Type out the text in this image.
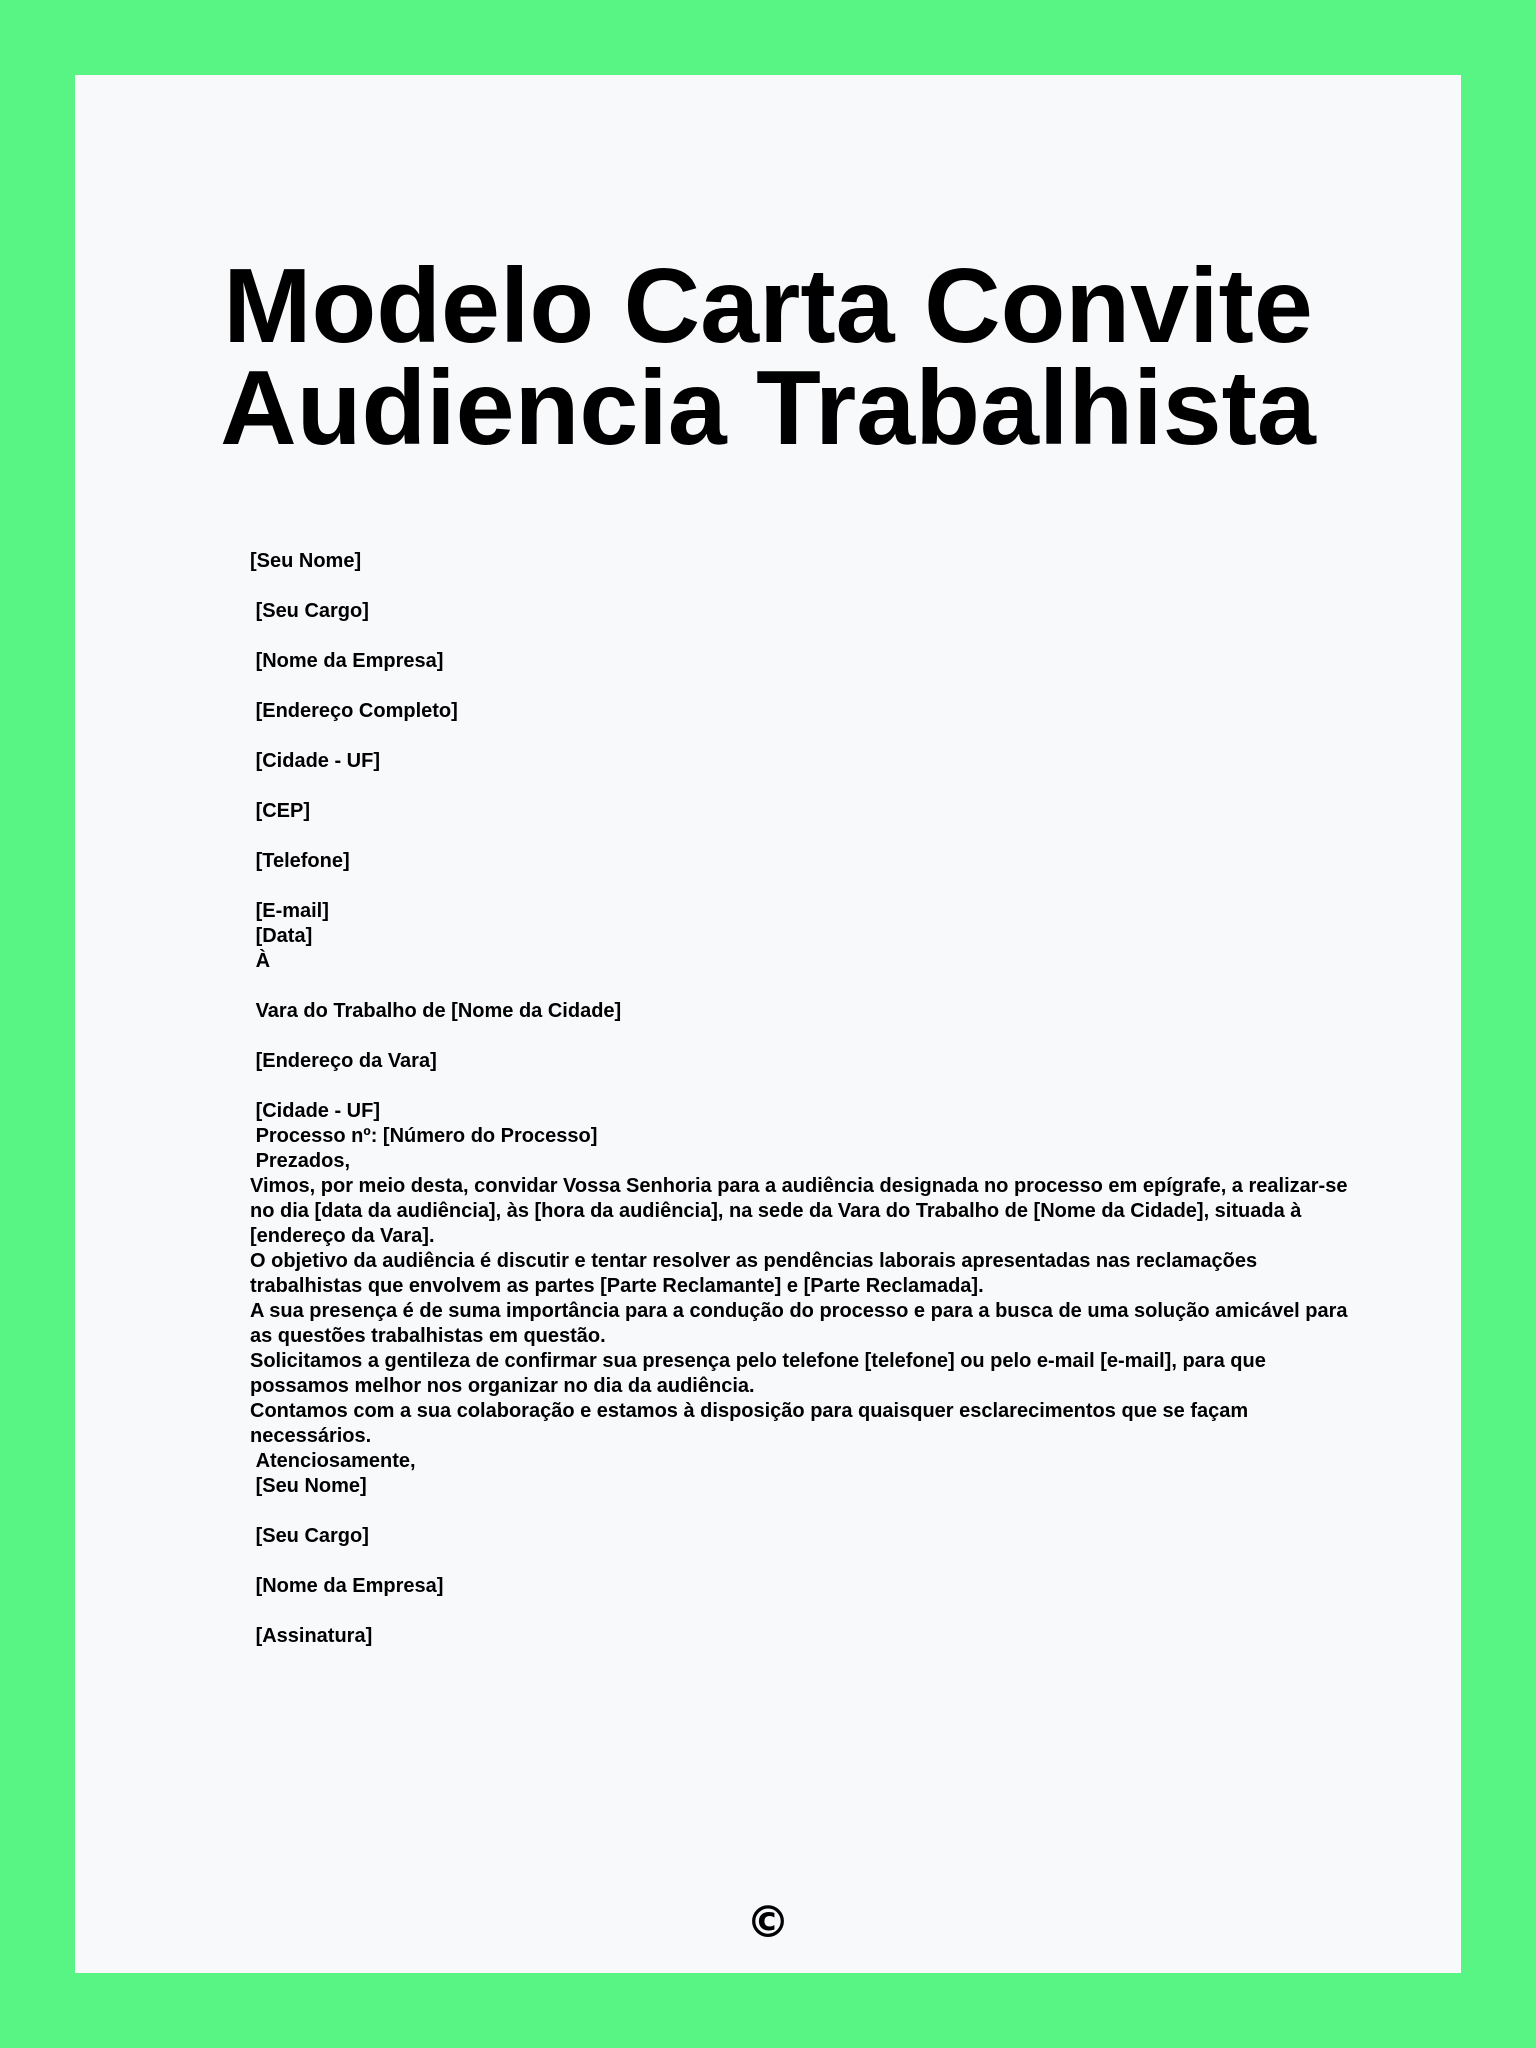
Modelo Carta Convite
Audiencia Trabalhista
[Seu Nome]
[Seu Cargo]
[Nome da Empresa]
[Endereço Completo]
[Cidade - UF]
[CEP]
[Telefone]
[E-mail]
[Data]
À
Vara do Trabalho de [Nome da Cidade]
[Endereço da Vara]
[Cidade - UF]
Processo nº: [Número do Processo]
Prezados,
Vimos, por meio desta, convidar Vossa Senhoria para a audiência designada no processo em epígrafe, a realizar-se no dia [data da audiência], às [hora da audiência], na sede da Vara do Trabalho de [Nome da Cidade], situada à [endereço da Vara].
O objetivo da audiência é discutir e tentar resolver as pendências laborais apresentadas nas reclamações trabalhistas que envolvem as partes [Parte Reclamante] e [Parte Reclamada].
A sua presença é de suma importância para a condução do processo e para a busca de uma solução amicável para as questões trabalhistas em questão.
Solicitamos a gentileza de confirmar sua presença pelo telefone [telefone] ou pelo e-mail [e-mail], para que possamos melhor nos organizar no dia da audiência.
Contamos com a sua colaboração e estamos à disposição para quaisquer esclarecimentos que se façam necessários.
Atenciosamente,
[Seu Nome]
[Seu Cargo]
[Nome da Empresa]
[Assinatura]
©
